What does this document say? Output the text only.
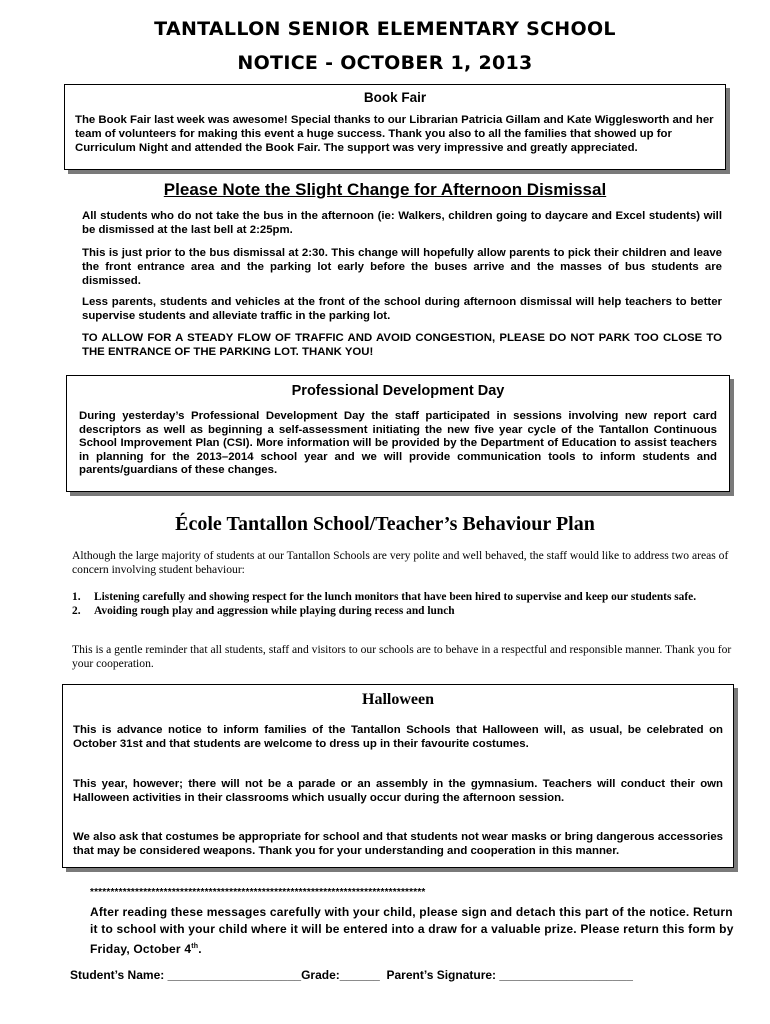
TANTALLON SENIOR ELEMENTARY SCHOOL
NOTICE - OCTOBER 1, 2013
Book Fair
The Book Fair last week was awesome! Special thanks to our Librarian Patricia Gillam and Kate Wigglesworth and her team of volunteers for making this event a huge success. Thank you also to all the families that showed up for Curriculum Night and attended the Book Fair. The support was very impressive and greatly appreciated.
Please Note the Slight Change for Afternoon Dismissal
All students who do not take the bus in the afternoon (ie: Walkers, children going to daycare and Excel students) will be dismissed at the last bell at 2:25pm.
This is just prior to the bus dismissal at 2:30. This change will hopefully allow parents to pick their children and leave the front entrance area and the parking lot early before the buses arrive and the masses of bus students are dismissed.
Less parents, students and vehicles at the front of the school during afternoon dismissal will help teachers to better supervise students and alleviate traffic in the parking lot.
TO ALLOW FOR A STEADY FLOW OF TRAFFIC AND AVOID CONGESTION, PLEASE DO NOT PARK TOO CLOSE TO THE ENTRANCE OF THE PARKING LOT. THANK YOU!
Professional Development Day
During yesterday’s Professional Development Day the staff participated in sessions involving new report card descriptors as well as beginning a self-assessment initiating the new five year cycle of the Tantallon Continuous School Improvement Plan (CSI). More information will be provided by the Department of Education to assist teachers in planning for the 2013–2014 school year and we will provide communication tools to inform students and parents/guardians of these changes.
École Tantallon School/Teacher’s Behaviour Plan
Although the large majority of students at our Tantallon Schools are very polite and well behaved, the staff would like to address two areas of concern involving student behaviour:
1. Listening carefully and showing respect for the lunch monitors that have been hired to supervise and keep our students safe.
2. Avoiding rough play and aggression while playing during recess and lunch
This is a gentle reminder that all students, staff and visitors to our schools are to behave in a respectful and responsible manner. Thank you for your cooperation.
Halloween
This is advance notice to inform families of the Tantallon Schools that Halloween will, as usual, be celebrated on October 31st and that students are welcome to dress up in their favourite costumes.
This year, however; there will not be a parade or an assembly in the gymnasium. Teachers will conduct their own Halloween activities in their classrooms which usually occur during the afternoon session.
We also ask that costumes be appropriate for school and that students not wear masks or bring dangerous accessories that may be considered weapons. Thank you for your understanding and cooperation in this manner.
**********************************************************************************
After reading these messages carefully with your child, please sign and detach this part of the notice. Return it to school with your child where it will be entered into a draw for a valuable prize. Please return this form by Friday, October 4th.
Student’s Name: ____________________Grade:______  Parent’s Signature: ____________________
